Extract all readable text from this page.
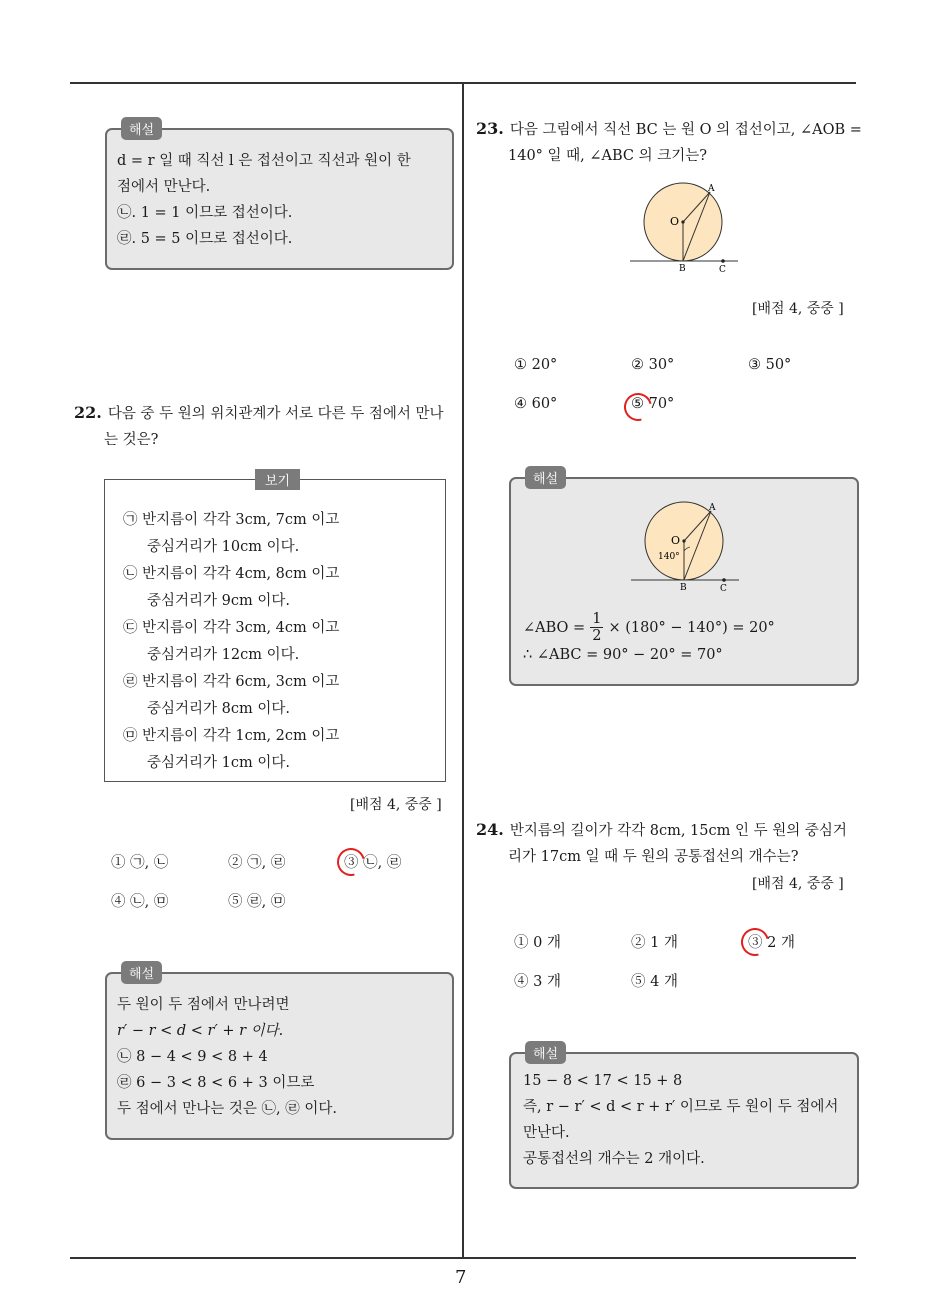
7
해설
d = r 일 때 직선 l 은 접선이고 직선과 원이 한
점에서 만난다.
㉡. 1 = 1 이므로 접선이다.
㉣. 5 = 5 이므로 접선이다.
22. 다음 중 두 원의 위치관계가 서로 다른 두 점에서 만나
는 것은?
보기
㉠ 반지름이 각각 3cm, 7cm 이고
중심거리가 10cm 이다.
㉡ 반지름이 각각 4cm, 8cm 이고
중심거리가 9cm 이다.
㉢ 반지름이 각각 3cm, 4cm 이고
중심거리가 12cm 이다.
㉣ 반지름이 각각 6cm, 3cm 이고
중심거리가 8cm 이다.
㉤ 반지름이 각각 1cm, 2cm 이고
중심거리가 1cm 이다.
[배점 4, 중중 ]
① ㉠, ㉡	② ㉠, ㉣	③ ㉡, ㉣
④ ㉡, ㉤	⑤ ㉣, ㉤
해설
두 원이 두 점에서 만나려면
r′ − r < d < r′ + r 이다.
㉡ 8 − 4 < 9 < 8 + 4
㉣ 6 − 3 < 8 < 6 + 3 이므로
두 점에서 만나는 것은 ㉡, ㉣ 이다.
23. 다음 그림에서 직선 BC 는 원 O 의 접선이고, ∠AOB =
140° 일 때, ∠ABC 의 크기는?
O
A
B	C
[배점 4, 중중 ]
① 20°	② 30°	③ 50°
④ 60°	⑤ 70°
해설
O
A
140°
B	C
∠ABO = $\frac{1}{2} \times (180^\circ - 140^\circ) = 20^\circ$
∴ ∠ABC = 90° − 20° = 70°
24. 반지름의 길이가 각각 8cm, 15cm 인 두 원의 중심거
리가 17cm 일 때 두 원의 공통접선의 개수는?
[배점 4, 중중 ]
① 0 개	② 1 개	③ 2 개
④ 3 개	⑤ 4 개
해설
15 − 8 < 17 < 15 + 8
즉, r − r′ < d < r + r′ 이므로 두 원이 두 점에서
만난다.
공통접선의 개수는 2 개이다.
